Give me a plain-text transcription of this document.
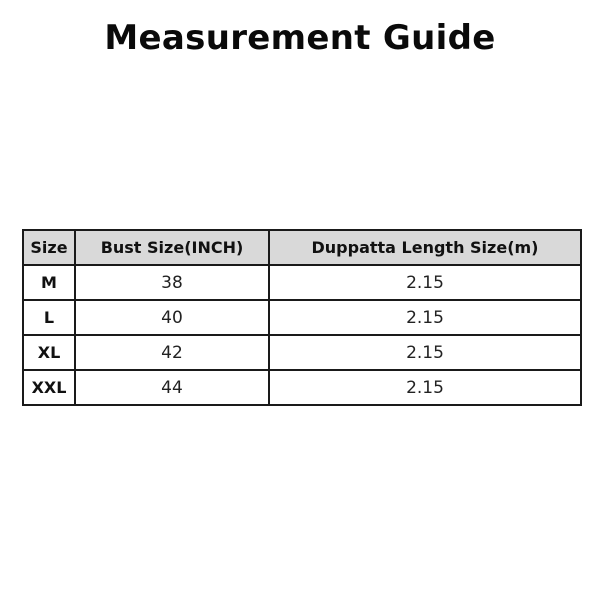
Measurement Guide
Size	Bust Size(INCH)	Duppatta Length Size(m)
M	38	2.15
L	40	2.15
XL	42	2.15
XXL	44	2.15
